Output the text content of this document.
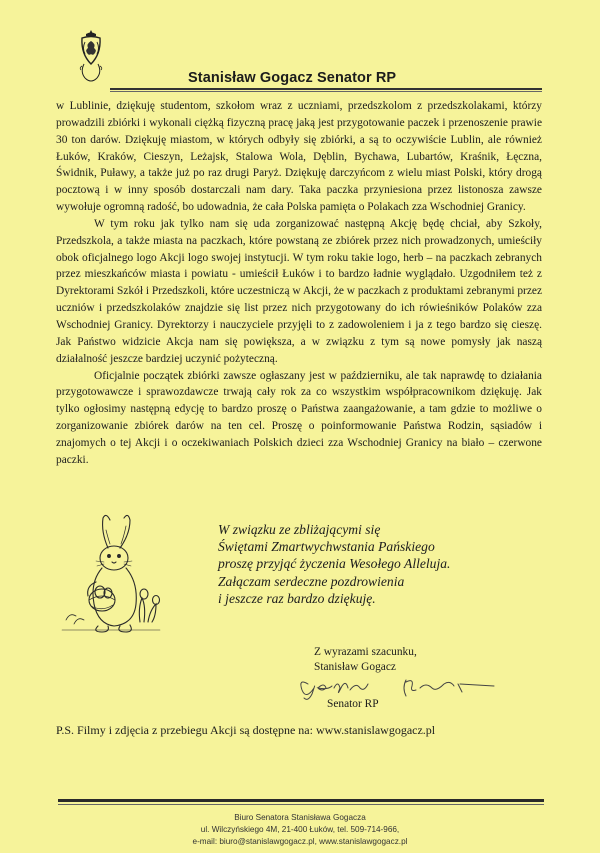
Stanisław Gogacz Senator RP

w Lublinie, dziękuję studentom, szkołom wraz z uczniami, przedszkolom z przedszkolakami, którzy prowadzili zbiórki i wykonali ciężką fizyczną pracę jaką jest przygotowanie paczek i przenoszenie prawie 30 ton darów. Dziękuję miastom, w których odbyły się zbiórki, a są to oczywiście Lublin, ale również Łuków, Kraków, Cieszyn, Leżajsk, Stalowa Wola, Dęblin, Bychawa, Lubartów, Kraśnik, Łęczna, Świdnik, Puławy, a także już po raz drugi Paryż. Dziękuję darczyńcom z wielu miast Polski, który drogą pocztową i w inny sposób dostarczali nam dary. Taka paczka przyniesiona przez listonosza zawsze wywołuje ogromną radość, bo udowadnia, że cała Polska pamięta o Polakach zza Wschodniej Granicy.

W tym roku jak tylko nam się uda zorganizować następną Akcję będę chciał, aby Szkoły, Przedszkola, a także miasta na paczkach, które powstaną ze zbiórek przez nich prowadzonych, umieściły obok oficjalnego logo Akcji logo swojej instytucji. W tym roku takie logo, herb – na paczkach zebranych przez mieszkańców miasta i powiatu - umieścił Łuków i to bardzo ładnie wyglądało. Uzgodniłem też z Dyrektorami Szkół i Przedszkoli, które uczestniczą w Akcji, że w paczkach z produktami zebranymi przez uczniów i przedszkolaków znajdzie się list przez nich przygotowany do ich rówieśników Polaków zza Wschodniej Granicy. Dyrektorzy i nauczyciele przyjęli to z zadowoleniem i ja z tego bardzo się cieszę. Jak Państwo widzicie Akcja nam się powiększa, a w związku z tym są nowe pomysły jak naszą działalność jeszcze bardziej uczynić pożyteczną.

Oficjalnie początek zbiórki zawsze ogłaszany jest w październiku, ale tak naprawdę to działania przygotowawcze i sprawozdawcze trwają cały rok za co wszystkim współpracownikom dziękuję. Jak tylko ogłosimy następną edycję to bardzo proszę o Państwa zaangażowanie, a tam gdzie to możliwe o zorganizowanie zbiórek darów na ten cel. Proszę o poinformowanie Państwa Rodzin, sąsiadów i znajomych o tej Akcji i o oczekiwaniach Polskich dzieci zza Wschodniej Granicy na biało – czerwone paczki.

W związku ze zbliżającymi się
Świętami Zmartwychwstania Pańskiego
proszę przyjąć życzenia Wesołego Alleluja.
Załączam serdeczne pozdrowienia
i jeszcze raz bardzo dziękuję.
Z wyrazami szacunku,
Stanisław Gogacz
Senator RP
P.S. Filmy i zdjęcia z przebiegu Akcji są dostępne na: www.stanislawgogacz.pl
Biuro Senatora Stanisława Gogacza
ul. Wilczyńskiego 4M, 21-400 Łuków, tel. 509-714-966,
e-mail: biuro@stanislawgogacz.pl, www.stanislawgogacz.pl
